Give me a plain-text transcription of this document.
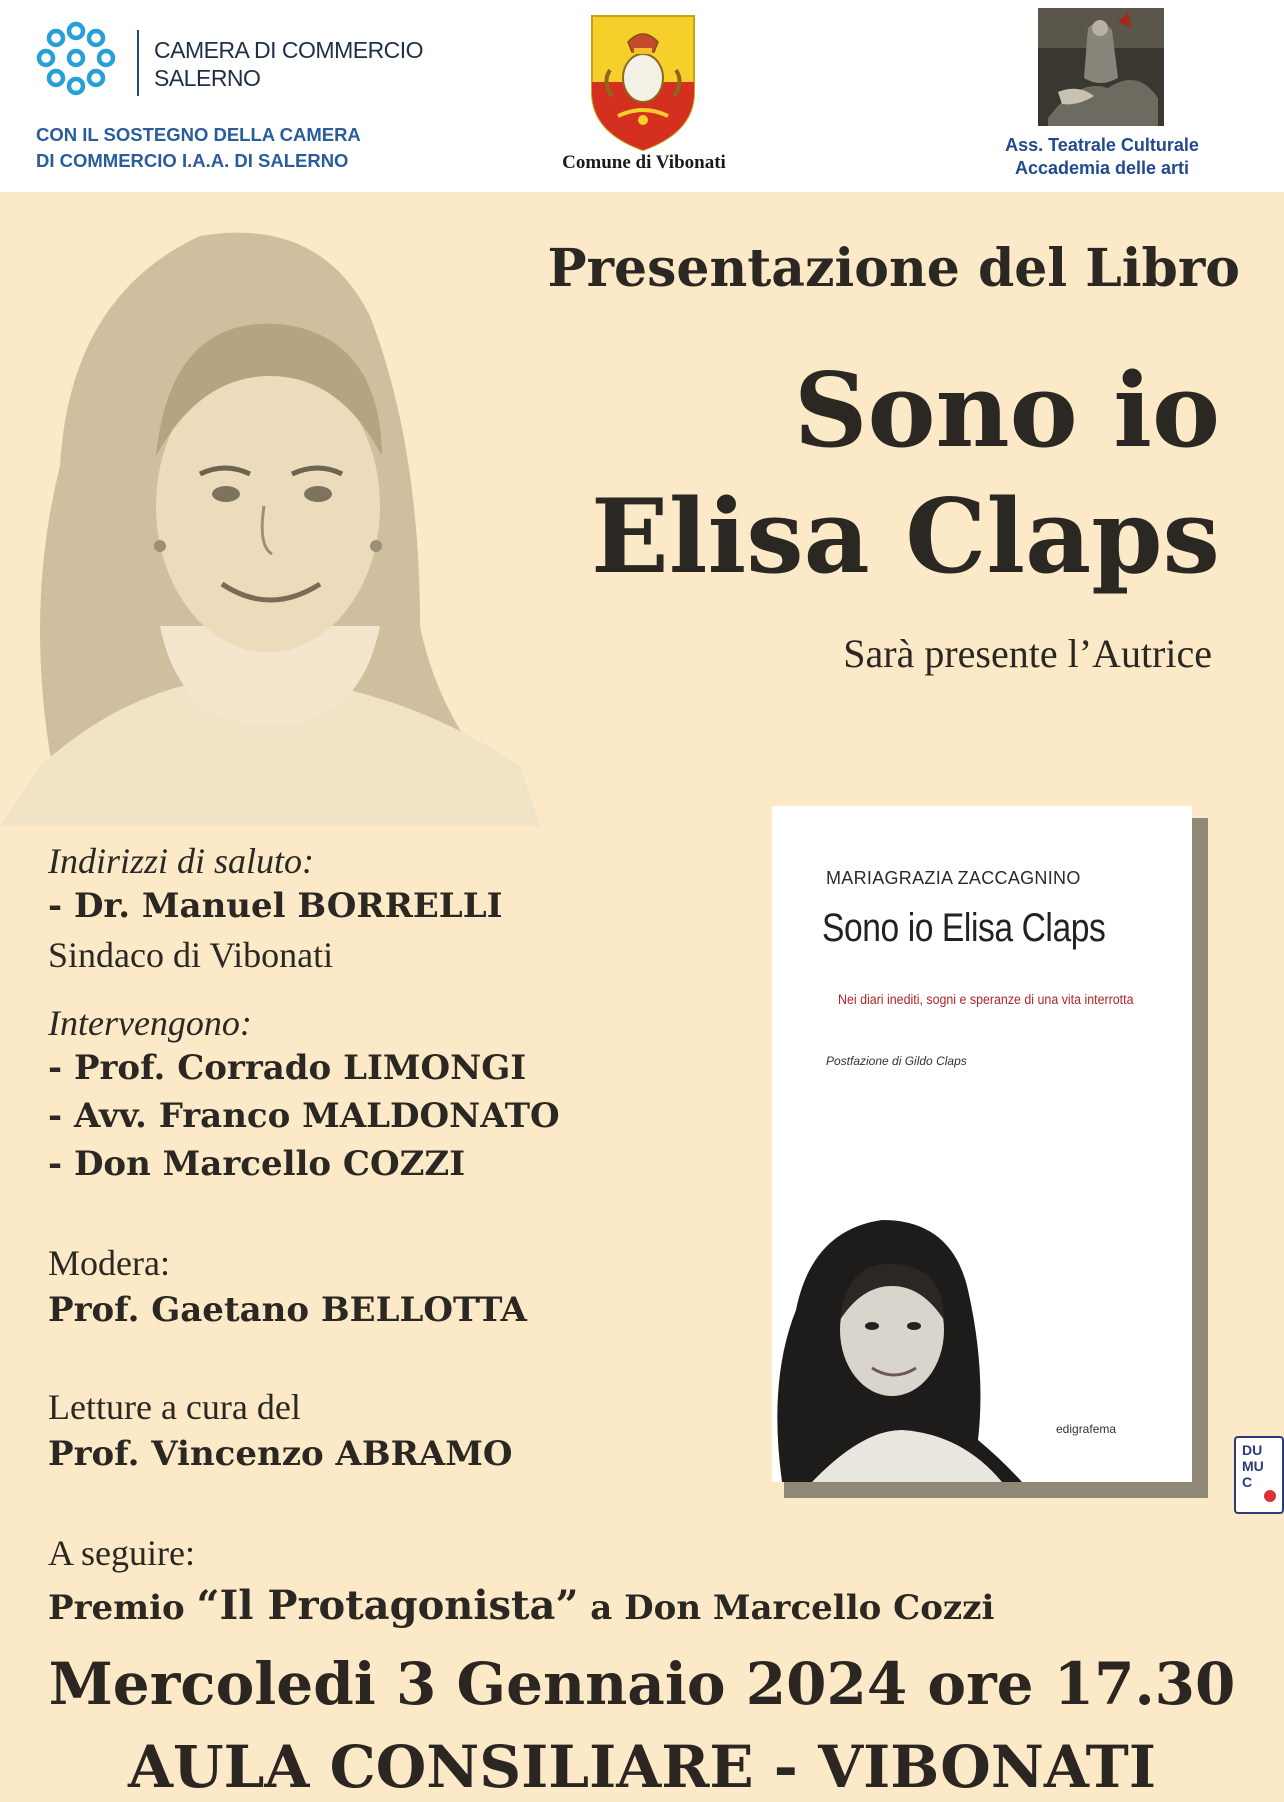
CAMERA DI COMMERCIO
SALERNO
CON IL SOSTEGNO DELLA CAMERA
DI COMMERCIO I.A.A. DI SALERNO	Comune di Vibonati
Ass. Teatrale Culturale
Accademia delle arti
Presentazione del Libro
Sono io
Elisa Claps
Sarà presente l’Autrice
Indirizzi di saluto:
- Dr. Manuel BORRELLI
Sindaco di Vibonati
Intervengono:
- Prof. Corrado LIMONGI
- Avv. Franco MALDONATO
- Don Marcello COZZI
Modera:
Prof. Gaetano BELLOTTA
Letture a cura del
Prof. Vincenzo ABRAMO
A seguire:
Premio “Il Protagonista” a Don Marcello Cozzi
MARIAGRAZIA ZACCAGNINO
Sono io Elisa Claps
Nei diari inediti, sogni e speranze di una vita interrotta
Postfazione di Gildo Claps
edigrafema
DU
MU
C
Mercoledi 3 Gennaio 2024 ore 17.30
AULA CONSILIARE - VIBONATI
